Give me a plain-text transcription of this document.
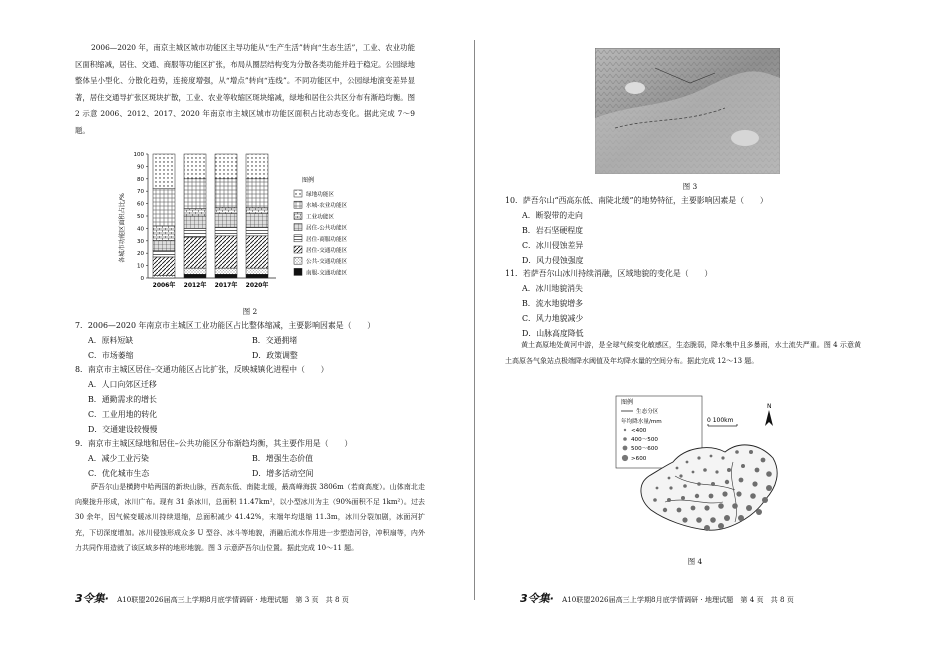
2006—2020 年，南京主城区城市功能区主导功能从“生产生活”转向“生态生活”，工业、农业功能区面积缩减，居住、交通、商服等功能区扩张，布局从圈层结构变为分散各类功能并趋于稳定。公园绿地整体呈小型化、分散化趋势，连接度增强，从“增点”转向“连线”。不同功能区中，公园绿地演变差异显著，居住交通导扩张区斑块扩散，工业、农业等收缩区斑块缩减，绿地和居住公共区分布有渐趋均衡。图 2 示意 2006、2012、2017、2020 年南京市主城区城市功能区面积占比动态变化。据此完成 7～9 题。

各城市功能区面积占比/%
0
10
20
30
40
50
60
70
80
90
100
2006年 2012年 2017年 2020年
图例
绿地功能区
水城-农业功能区
工业功能区
居住-公共功能区
居住-商服功能区
居住-交通功能区
公共-交通功能区
南服-交通功能区
图 2

7．2006—2020 年南京市主城区工业功能区占比整体缩减，主要影响因素是（　　）

A．原料短缺	B．交通拥堵
C．市场萎缩	D．政策调整

8．南京市主城区居住–交通功能区占比扩张，反映城镇化进程中（　　）

A．人口向郊区迁移
B．通勤需求的增长
C．工业用地的转化
D．交通建设较慢慢

9．南京市主城区绿地和居住–公共功能区分布渐趋均衡，其主要作用是（　　）

A．减少工业污染	B．增强生态价值
C．优化城市生态	D．增多活动空间

萨吾尔山是横跨中哈两国的新块山脉，西高东低、南陡北缓，最高峰海拔 3806m（若商高度）。山体南北走向聚拢升形成，冰川广布。现有 31 条冰川，总面积 11.47km²，以小型冰川为主（90%面积不足 1km²）。过去 30 余年，因气候变暖冰川持续退缩，总面积减少 41.42%，末端年均退缩 11.3m，冰川分裂加剧，冰面河扩充，下切深度增加。冰川侵蚀形成众多 U 型谷、冰斗等地貌，消融后流水作用进一步塑造河谷，冲积扇等，内外力共同作用造就了该区域多样的地形地貌。图 3 示意萨吾尔山位置。据此完成 10～11 题。

3令集· A10联盟2026届高三上学期8月底学情调研 · 地理试题　第 3 页　共 8 页
图 3

10．萨吾尔山“西高东低、南陡北缓”的地势特征，主要影响因素是（　　）

A．断裂带的走向
B．岩石坚硬程度
C．冰川侵蚀差异
D．风力侵蚀强度

11．若萨吾尔山冰川持续消融，区域地貌的变化是（　　）

A．冰川地貌消失
B．流水地貌增多
C．风力地貌减少
D．山脉高度降低

黄土高原地处黄河中游，是全球气候变化敏感区，生态脆弱，降水集中且多暴雨，水土流失严重。图 4 示意黄土高原各气象站点极端降水阈值及年均降水量的空间分布。据此完成 12～13 题。

图例
生态分区
年均降水量/mm
<400
400～500
500～600
>600
0 100km
N
图 4
3令集· A10联盟2026届高三上学期8月底学情调研 · 地理试题　第 4 页　共 8 页
